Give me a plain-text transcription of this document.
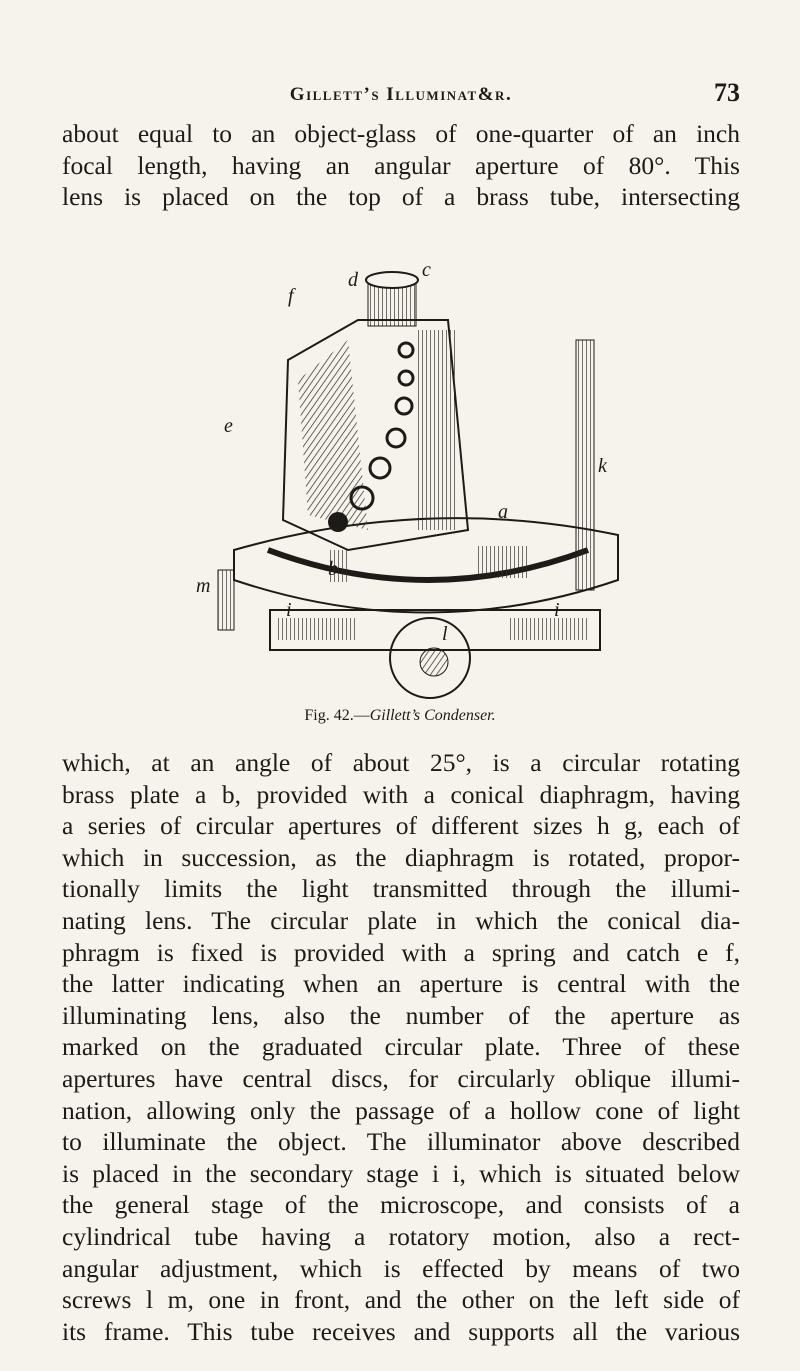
Gillett’s Illuminat&r.	73
about equal to an object-glass of one-quarter of an inch
focal length, having an angular aperture of 80°. This
lens is placed on the top of a brass tube, intersecting
f
d	c
e
k
a
b
m
i	i
l
Fig. 42.—Gillett’s Condenser.
which, at an angle of about 25°, is a circular rotating
brass plate a b, provided with a conical diaphragm, having
a series of circular apertures of different sizes h g, each of
which in succession, as the diaphragm is rotated, propor-
tionally limits the light transmitted through the illumi-
nating lens. The circular plate in which the conical dia-
phragm is fixed is provided with a spring and catch e f,
the latter indicating when an aperture is central with the
illuminating lens, also the number of the aperture as
marked on the graduated circular plate. Three of these
apertures have central discs, for circularly oblique illumi-
nation, allowing only the passage of a hollow cone of light
to illuminate the object. The illuminator above described
is placed in the secondary stage i i, which is situated below
the general stage of the microscope, and consists of a
cylindrical tube having a rotatory motion, also a rect-
angular adjustment, which is effected by means of two
screws l m, one in front, and the other on the left side of
its frame. This tube receives and supports all the various
